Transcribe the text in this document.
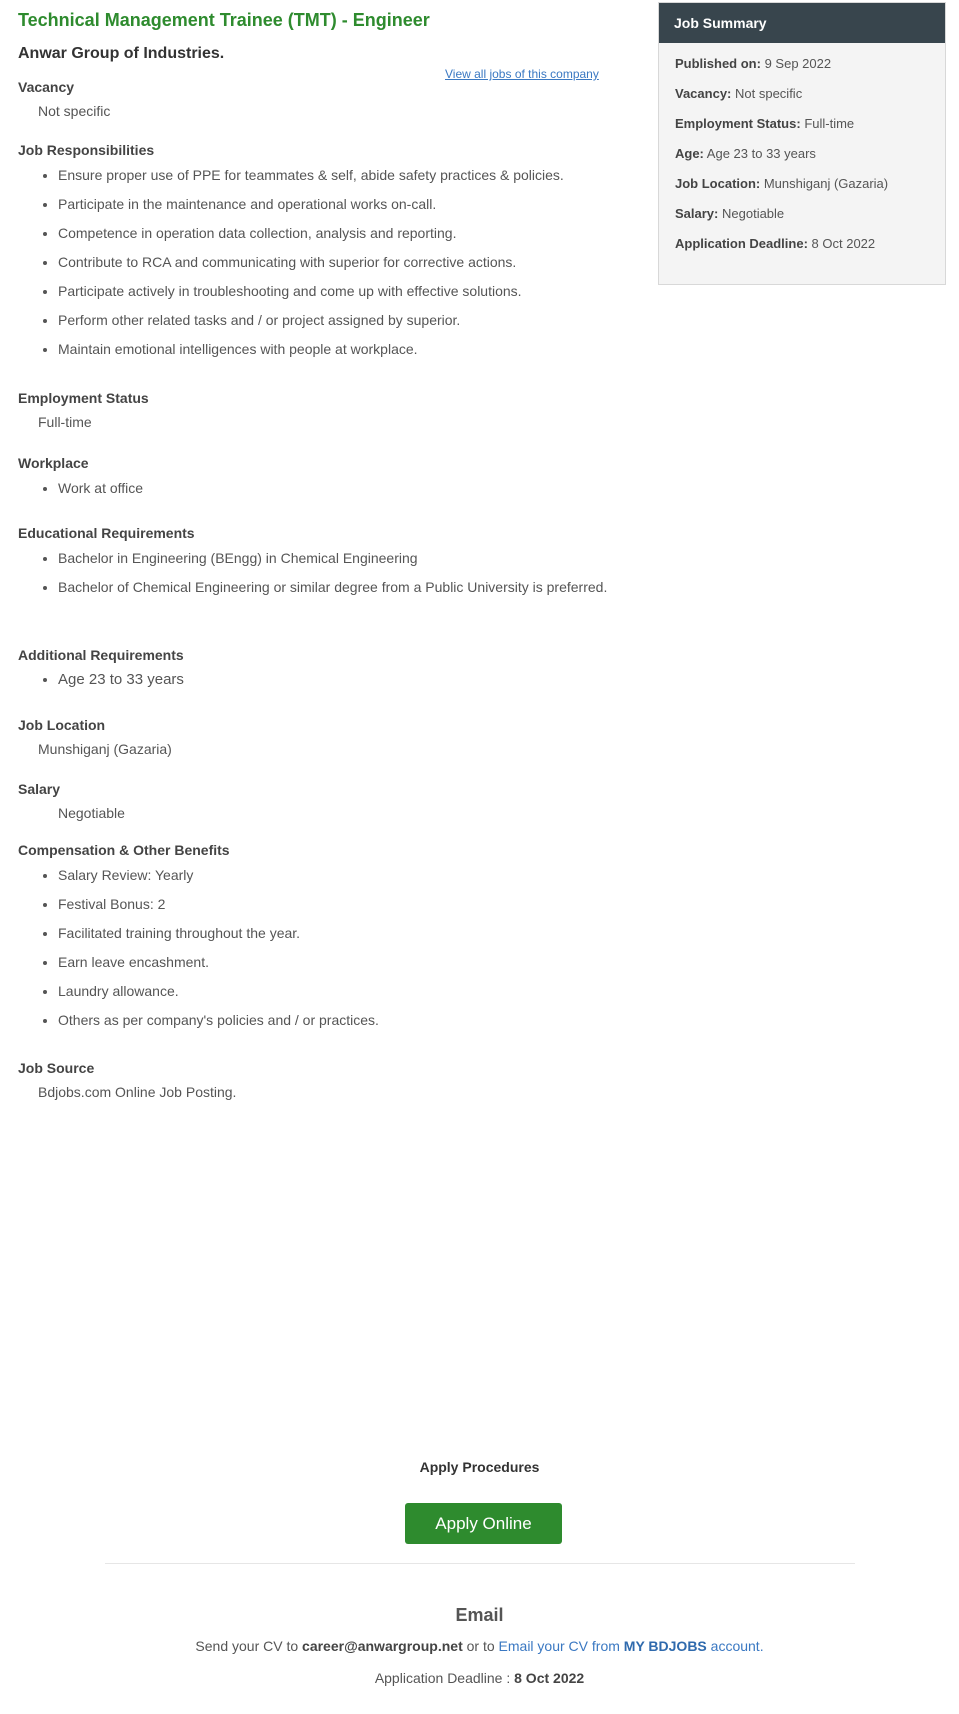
Technical Management Trainee (TMT) - Engineer
Anwar Group of Industries.
View all jobs of this company
Vacancy

Not specific

Job Responsibilities
• Ensure proper use of PPE for teammates & self, abide safety practices & policies.
• Participate in the maintenance and operational works on-call.
• Competence in operation data collection, analysis and reporting.
• Contribute to RCA and communicating with superior for corrective actions.
• Participate actively in troubleshooting and come up with effective solutions.
• Perform other related tasks and / or project assigned by superior.
• Maintain emotional intelligences with people at workplace.
Employment Status

Full-time

Workplace
• Work at office
Educational Requirements
• Bachelor in Engineering (BEngg) in Chemical Engineering
• Bachelor of Chemical Engineering or similar degree from a Public University is preferred.
Additional Requirements
• Age 23 to 33 years
Job Location

Munshiganj (Gazaria)

Salary

Negotiable

Compensation & Other Benefits
• Salary Review: Yearly
• Festival Bonus: 2
• Facilitated training throughout the year.
• Earn leave encashment.
• Laundry allowance.
• Others as per company's policies and / or practices.
Job Source

Bdjobs.com Online Job Posting.

Job Summary
Published on: 9 Sep 2022
Vacancy: Not specific
Employment Status: Full-time
Age: Age 23 to 33 years
Job Location: Munshiganj (Gazaria)
Salary: Negotiable
Application Deadline: 8 Oct 2022
Apply Procedures
Apply Online
Email

Send your CV to career@anwargroup.net or to Email your CV from MY BDJOBS account.

Application Deadline : 8 Oct 2022
